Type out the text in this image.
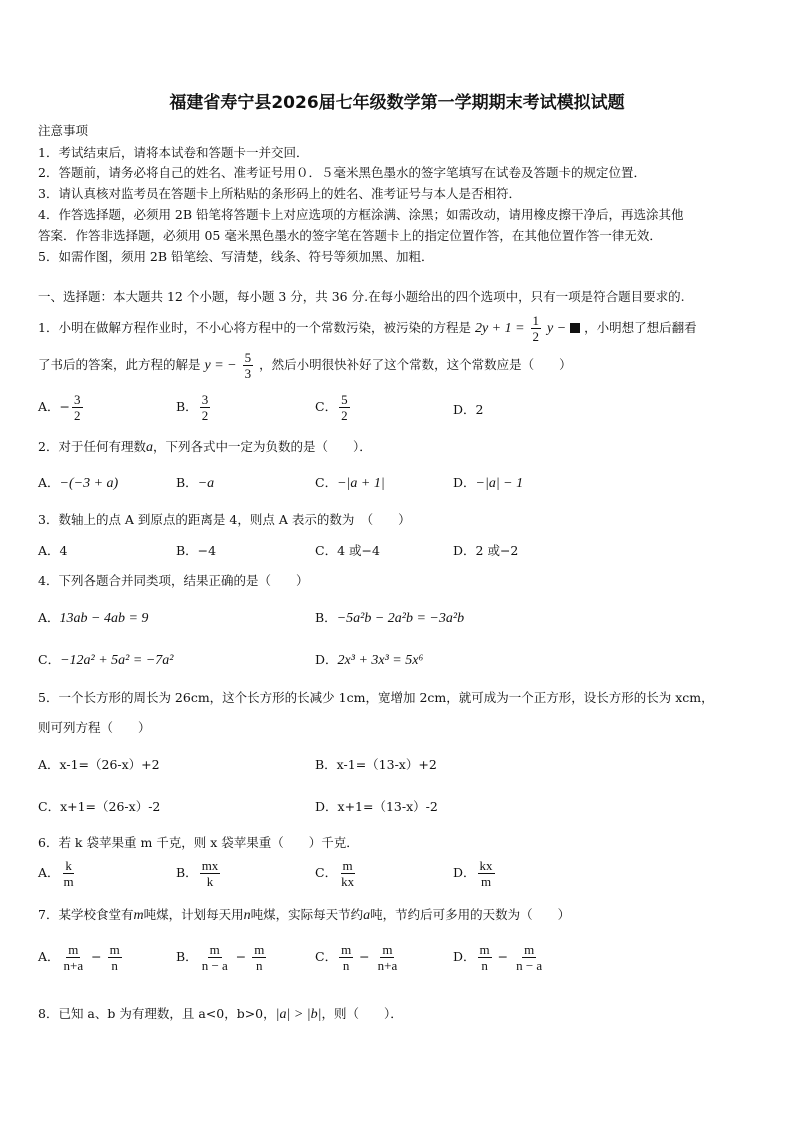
福建省寿宁县2026届七年级数学第一学期期末考试模拟试题
注意事项
1．考试结束后，请将本试卷和答题卡一并交回．
2．答题前，请务必将自己的姓名、准考证号用０．５毫米黑色墨水的签字笔填写在试卷及答题卡的规定位置．
3．请认真核对监考员在答题卡上所粘贴的条形码上的姓名、准考证号与本人是否相符．
4．作答选择题，必须用 2B 铅笔将答题卡上对应选项的方框涂满、涂黑；如需改动，请用橡皮擦干净后，再选涂其他
答案．作答非选择题，必须用 05 毫米黑色墨水的签字笔在答题卡上的指定位置作答，在其他位置作答一律无效．
5．如需作图，须用 2B 铅笔绘、写清楚，线条、符号等须加黑、加粗．
一、选择题：本大题共 12 个小题，每小题 3 分，共 36 分.在每小题给出的四个选项中，只有一项是符合题目要求的.
1．小明在做解方程作业时，不小心将方程中的一个常数污染，被污染的方程是 $2y + 1 = \frac{1}{2}$ y − ，小明想了想后翻看
了书后的答案，此方程的解是 y = − $\frac{5}{3}$ ，然后小明很快补好了这个常数，这个常数应是（　　）
A．− $\frac{3}{2}$	B． $\frac{3}{2}$	C． $\frac{5}{2}$	D．2
2．对于任何有理数a，下列各式中一定为负数的是（　　）．
A．−(−3 + a)	B．−a	C．−|a + 1|	D．−|a| − 1
3．数轴上的点 A 到原点的距离是 4，则点 A 表示的数为　（　　）
A．4	B．−4	C．4 或−4	D．2 或−2
4．下列各题合并同类项，结果正确的是（　　）
A．13ab − 4ab = 9	B．−5a²b − 2a²b = −3a²b
C．−12a² + 5a² = −7a²	D．2x³ + 3x³ = 5x⁶
5．一个长方形的周长为 26cm，这个长方形的长减少 1cm，宽增加 2cm，就可成为一个正方形，设长方形的长为 xcm，
则可列方程（　　）
A．x-1=（26-x）+2	B．x-1=（13-x）+2
C．x+1=（26-x）-2	D．x+1=（13-x）-2
6．若 k 袋苹果重 m 千克，则 x 袋苹果重（　　）千克．
A． $\frac{k}{m}$	B． $\frac{mx}{k}$	C． $\frac{m}{kx}$	D． $\frac{kx}{m}$
7．某学校食堂有m吨煤，计划每天用n吨煤，实际每天节约a吨，节约后可多用的天数为（　　）
A． $\frac{m}{n+a} - \frac{m}{n}$	B． $\frac{m}{n - a} - \frac{m}{n}$	C． $\frac{m}{n} - \frac{m}{n+a}$	D． $\frac{m}{n} - \frac{m}{n - a}$
8．已知 a、b 为有理数，且 a<0，b>0，|a| > |b|，则（　　）．
